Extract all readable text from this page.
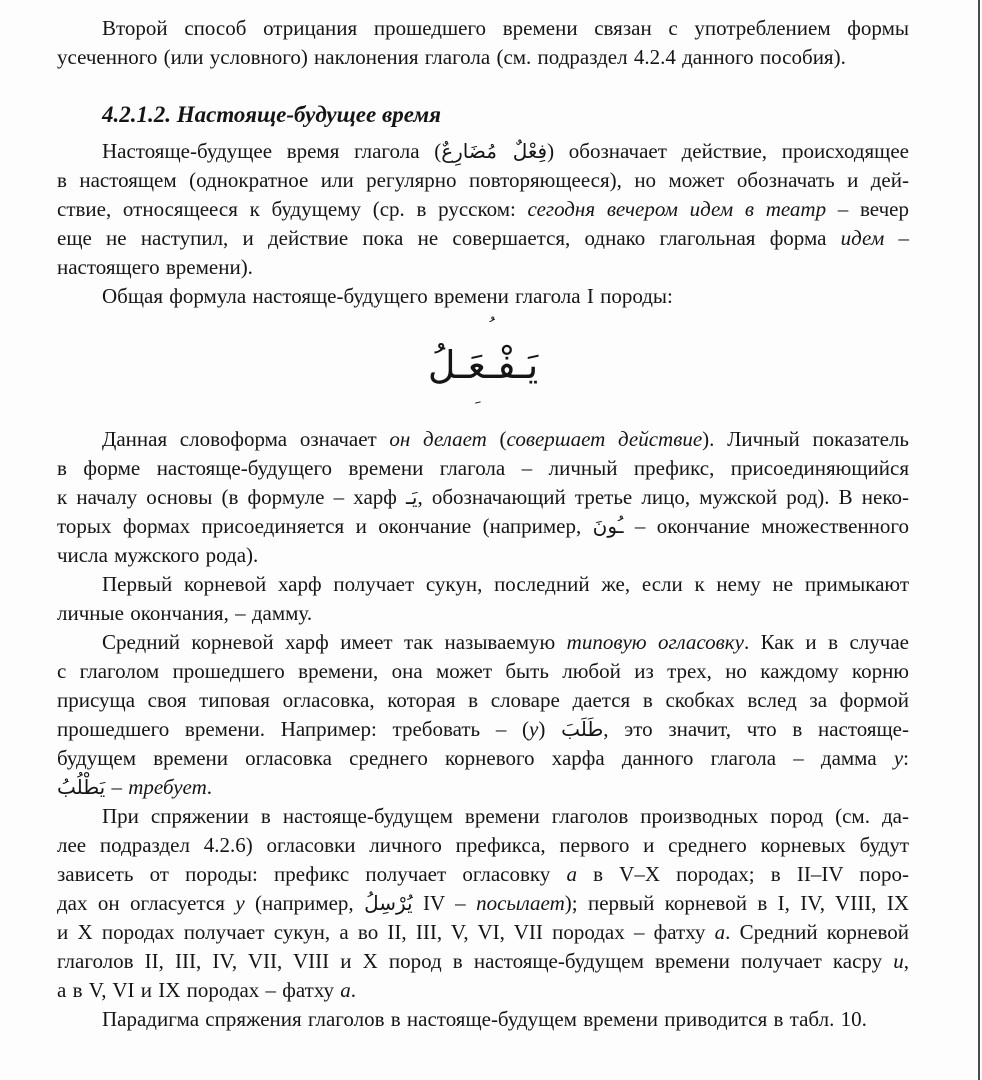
Второй способ отрицания прошедшего времени связан с употреблением формы
усеченного (или условного) наклонения глагола (см. подраздел 4.2.4 данного пособия).
4.2.1.2. Настояще-будущее время
Настояще-будущее время глагола (فِعْلٌ مُضَارِعٌ) обозначает действие, происходящее
в настоящем (однократное или регулярно повторяющееся), но может обозначать и дей-
ствие, относящееся к будущему (ср. в русском: сегодня вечером идем в театр – вечер
еще не наступил, и действие пока не совершается, однако глагольная форма идем –
настоящего времени).
Общая формула настояще-будущего времени глагола I породы:
يَـفْـعَـلُ
Данная словоформа означает он делает (совершает действие). Личный показатель
в форме настояще-будущего времени глагола – личный префикс, присоединяющийся
к началу основы (в формуле – харф يَـ, обозначающий третье лицо, мужской род). В неко-
торых формах присоединяется и окончание (например, ـُونَ – окончание множественного
числа мужского рода).
Первый корневой харф получает сукун, последний же, если к нему не примыкают
личные окончания, – дамму.
Средний корневой харф имеет так называемую типовую огласовку. Как и в случае
с глаголом прошедшего времени, она может быть любой из трех, но каждому корню
присуща своя типовая огласовка, которая в словаре дается в скобках вслед за формой
прошедшего времени. Например: требовать – (у) طَلَبَ, это значит, что в настояще-
будущем времени огласовка среднего корневого харфа данного глагола – дамма у:
يَطْلُبُ – требует.
При спряжении в настояще-будущем времени глаголов производных пород (см. да-
лее подраздел 4.2.6) огласовки личного префикса, первого и среднего корневых будут
зависеть от породы: префикс получает огласовку а в V–X породах; в II–IV поро-
дах он огласуется у (например, يُرْسِلُ IV – посылает); первый корневой в I, IV, VIII, IX
и X породах получает сукун, а во II, III, V, VI, VII породах – фатху а. Средний корневой
глаголов II, III, IV, VII, VIII и X пород в настояще-будущем времени получает касру и,
а в V, VI и IX породах – фатху а.
Парадигма спряжения глаголов в настояще-будущем времени приводится в табл. 10.
